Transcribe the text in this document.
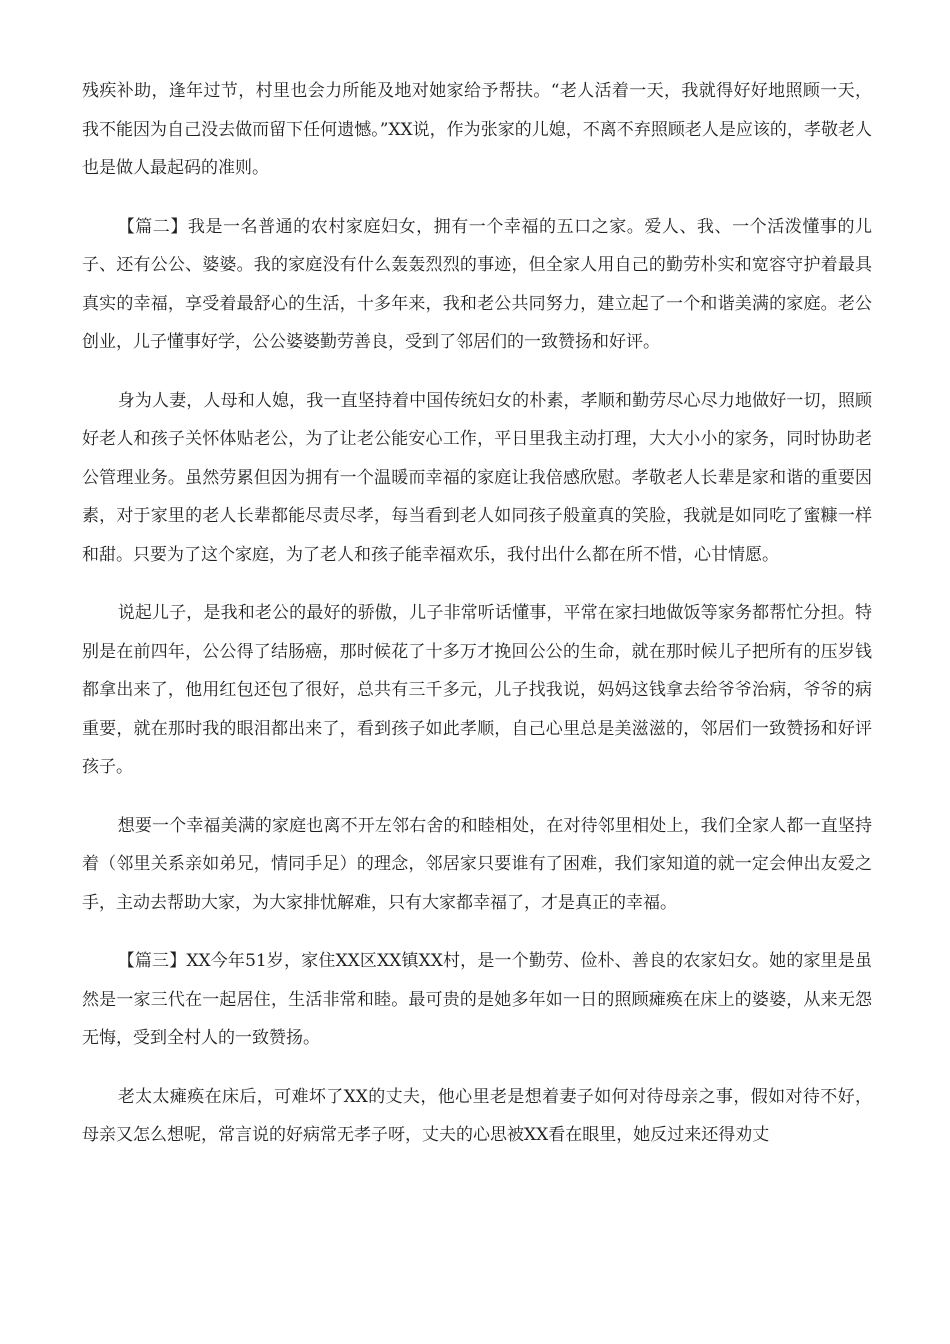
残疾补助，逢年过节，村里也会力所能及地对她家给予帮扶。“老人活着一天，我就得好好地照顾一天，我不能因为自己没去做而留下任何遗憾。”XX说，作为张家的儿媳，不离不弃照顾老人是应该的，孝敬老人也是做人最起码的准则。

【篇二】我是一名普通的农村家庭妇女，拥有一个幸福的五口之家。爱人、我、一个活泼懂事的儿子、还有公公、婆婆。我的家庭没有什么轰轰烈烈的事迹，但全家人用自己的勤劳朴实和宽容守护着最具真实的幸福，享受着最舒心的生活，十多年来，我和老公共同努力，建立起了一个和谐美满的家庭。老公创业，儿子懂事好学，公公婆婆勤劳善良，受到了邻居们的一致赞扬和好评。

身为人妻，人母和人媳，我一直坚持着中国传统妇女的朴素，孝顺和勤劳尽心尽力地做好一切，照顾好老人和孩子关怀体贴老公，为了让老公能安心工作，平日里我主动打理，大大小小的家务，同时协助老公管理业务。虽然劳累但因为拥有一个温暖而幸福的家庭让我倍感欣慰。孝敬老人长辈是家和谐的重要因素，对于家里的老人长辈都能尽责尽孝，每当看到老人如同孩子般童真的笑脸，我就是如同吃了蜜糠一样和甜。只要为了这个家庭，为了老人和孩子能幸福欢乐，我付出什么都在所不惜，心甘情愿。

说起儿子，是我和老公的最好的骄傲，儿子非常听话懂事，平常在家扫地做饭等家务都帮忙分担。特别是在前四年，公公得了结肠癌，那时候花了十多万才挽回公公的生命，就在那时候儿子把所有的压岁钱都拿出来了，他用红包还包了很好，总共有三千多元，儿子找我说，妈妈这钱拿去给爷爷治病，爷爷的病重要，就在那时我的眼泪都出来了，看到孩子如此孝顺，自己心里总是美滋滋的，邻居们一致赞扬和好评孩子。

想要一个幸福美满的家庭也离不开左邻右舍的和睦相处，在对待邻里相处上，我们全家人都一直坚持着（邻里关系亲如弟兄，情同手足）的理念，邻居家只要谁有了困难，我们家知道的就一定会伸出友爱之手，主动去帮助大家，为大家排忧解难，只有大家都幸福了，才是真正的幸福。

【篇三】XX今年51岁，家住XX区XX镇XX村，是一个勤劳、俭朴、善良的农家妇女。她的家里是虽然是一家三代在一起居住，生活非常和睦。最可贵的是她多年如一日的照顾瘫痪在床上的婆婆，从来无怨无悔，受到全村人的一致赞扬。

老太太瘫痪在床后，可难坏了XX的丈夫，他心里老是想着妻子如何对待母亲之事，假如对待不好，母亲又怎么想呢，常言说的好病常无孝子呀，丈夫的心思被XX看在眼里，她反过来还得劝丈
